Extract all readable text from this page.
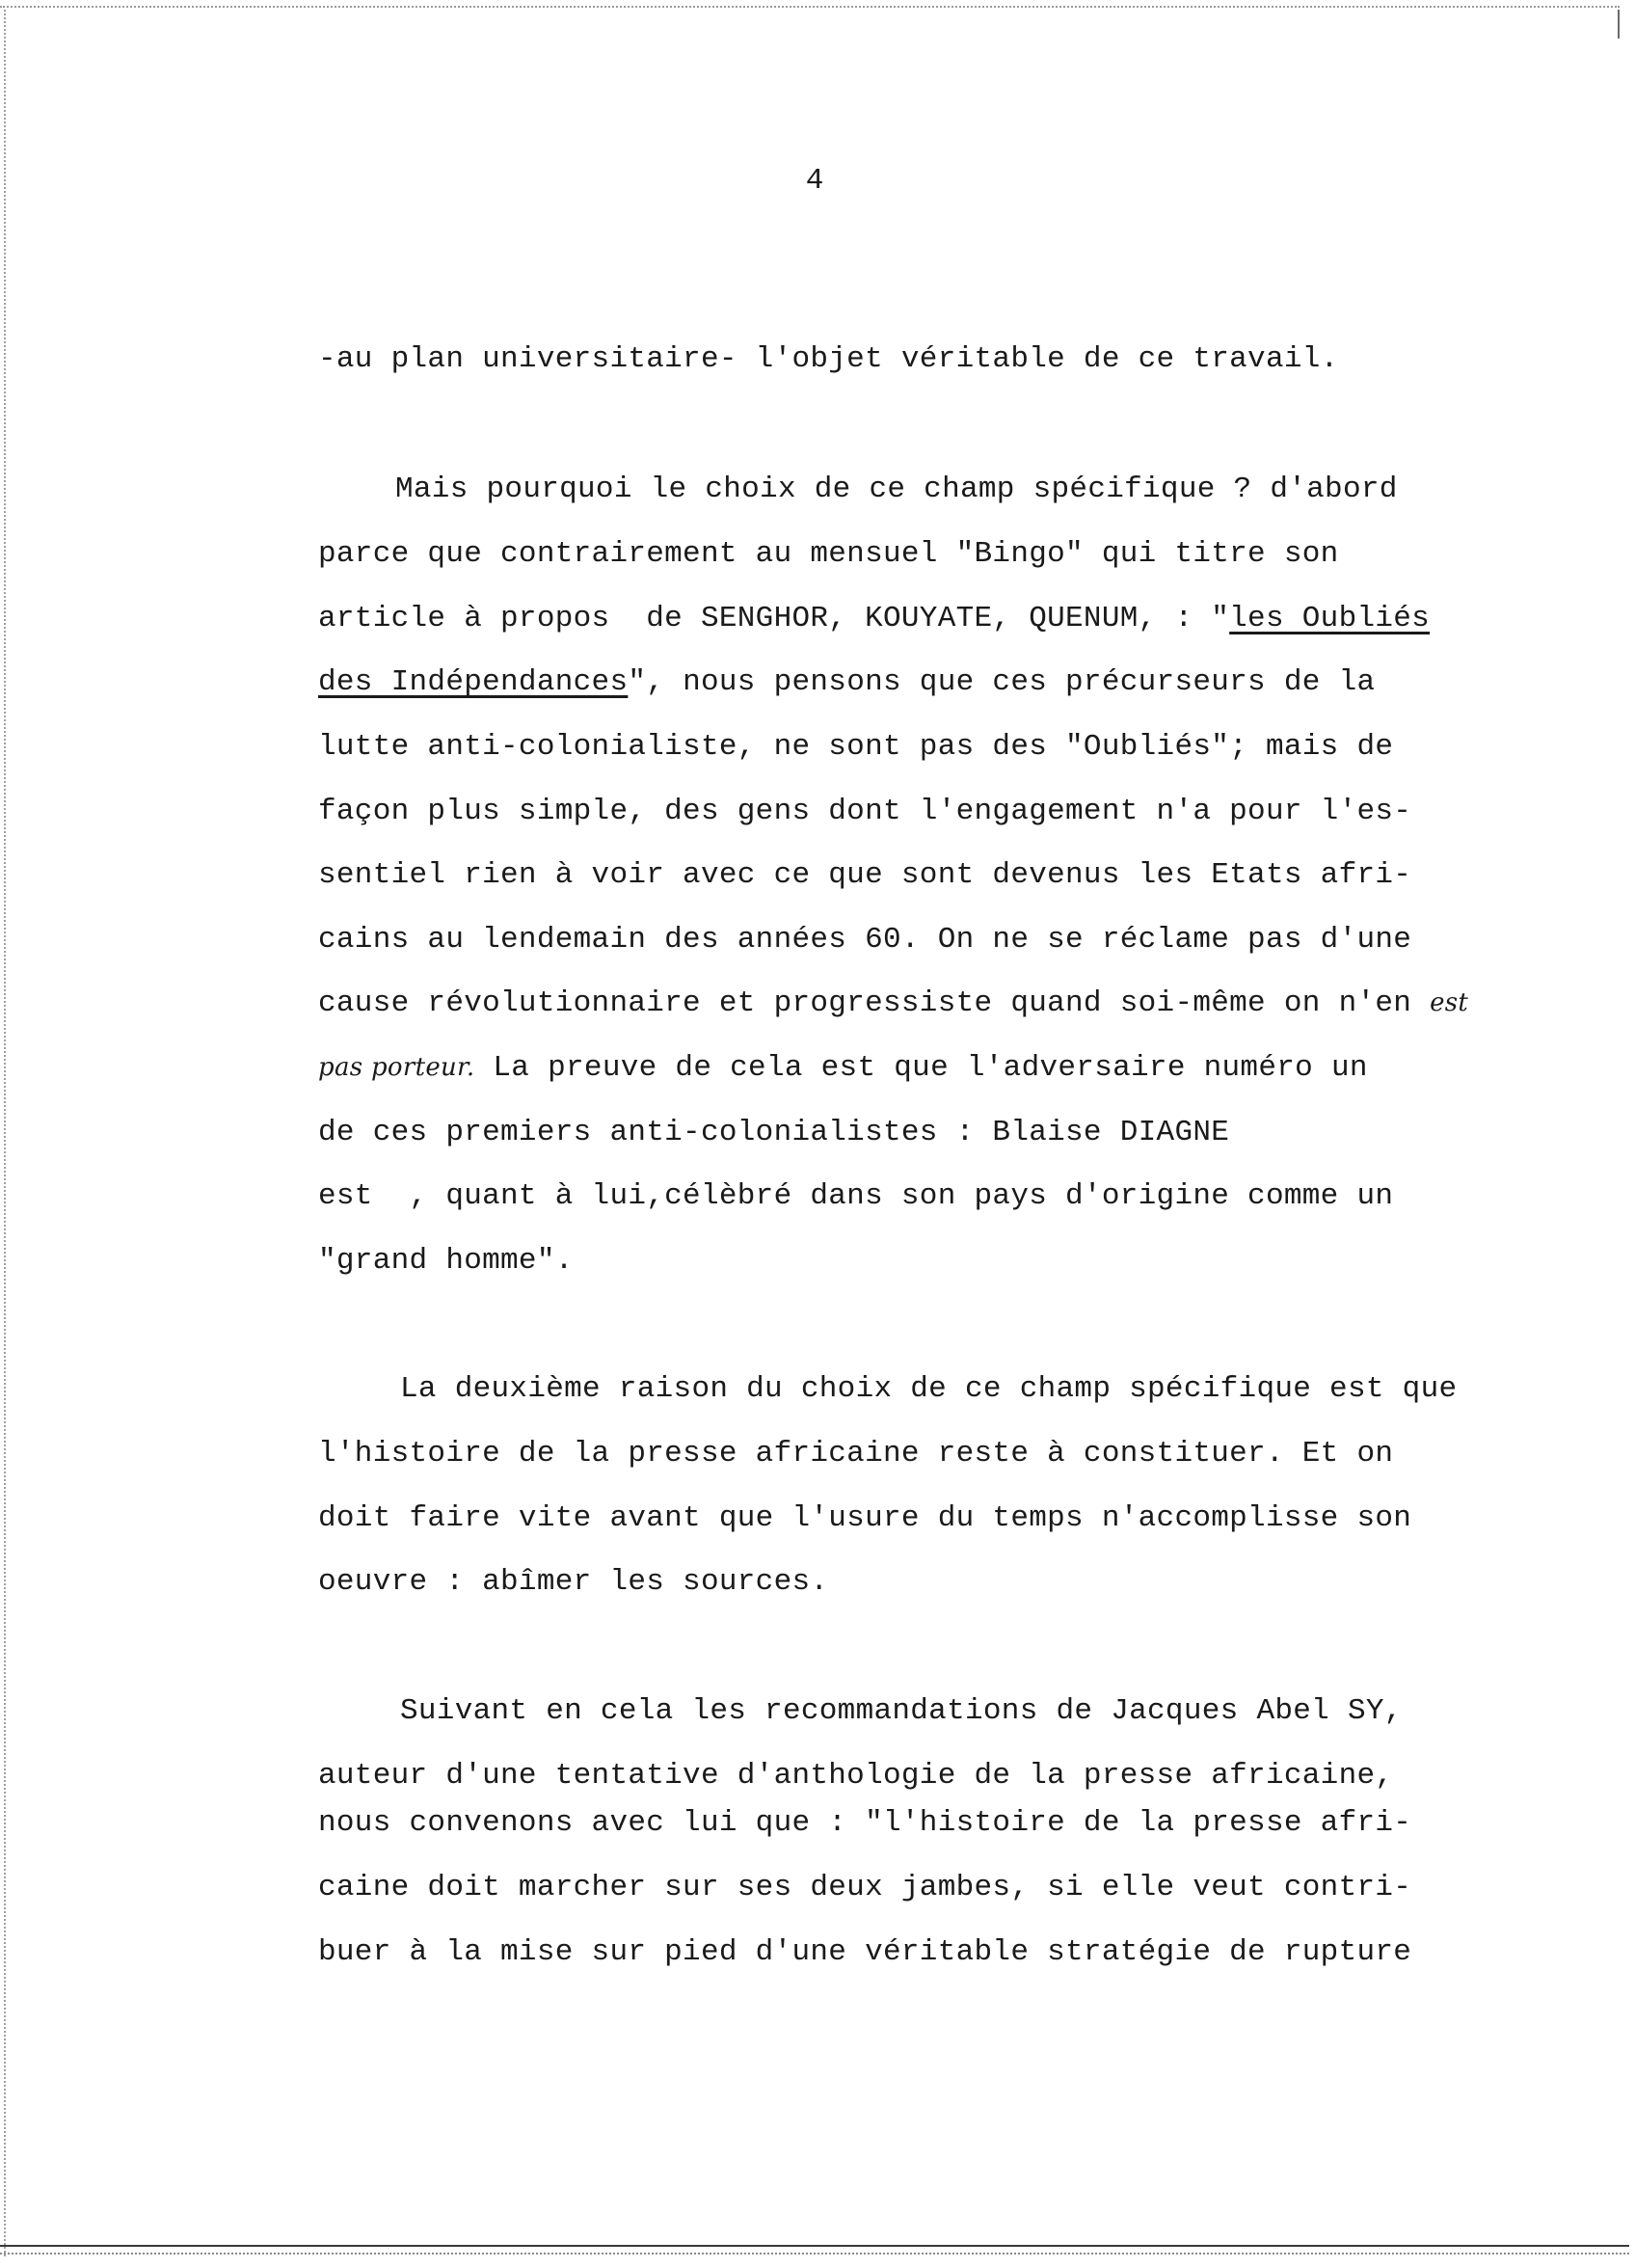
4
-au plan universitaire- l'objet véritable de ce travail.
Mais pourquoi le choix de ce champ spécifique ? d'abord
parce que contrairement au mensuel "Bingo" qui titre son
article à propos  de SENGHOR, KOUYATE, QUENUM, : "les Oubliés
des Indépendances", nous pensons que ces précurseurs de la
lutte anti-colonialiste, ne sont pas des "Oubliés"; mais de
façon plus simple, des gens dont l'engagement n'a pour l'es-
sentiel rien à voir avec ce que sont devenus les Etats afri-
cains au lendemain des années 60. On ne se réclame pas d'une
cause révolutionnaire et progressiste quand soi-même on n'en est
pas porteur. La preuve de cela est que l'adversaire numéro un
de ces premiers anti-colonialistes : Blaise DIAGNE
est  , quant à lui,célèbré dans son pays d'origine comme un
"grand homme".
La deuxième raison du choix de ce champ spécifique est que
l'histoire de la presse africaine reste à constituer. Et on
doit faire vite avant que l'usure du temps n'accomplisse son
oeuvre : abîmer les sources.
Suivant en cela les recommandations de Jacques Abel SY,
auteur d'une tentative d'anthologie de la presse africaine,
nous convenons avec lui que : "l'histoire de la presse afri-
caine doit marcher sur ses deux jambes, si elle veut contri-
buer à la mise sur pied d'une véritable stratégie de rupture
